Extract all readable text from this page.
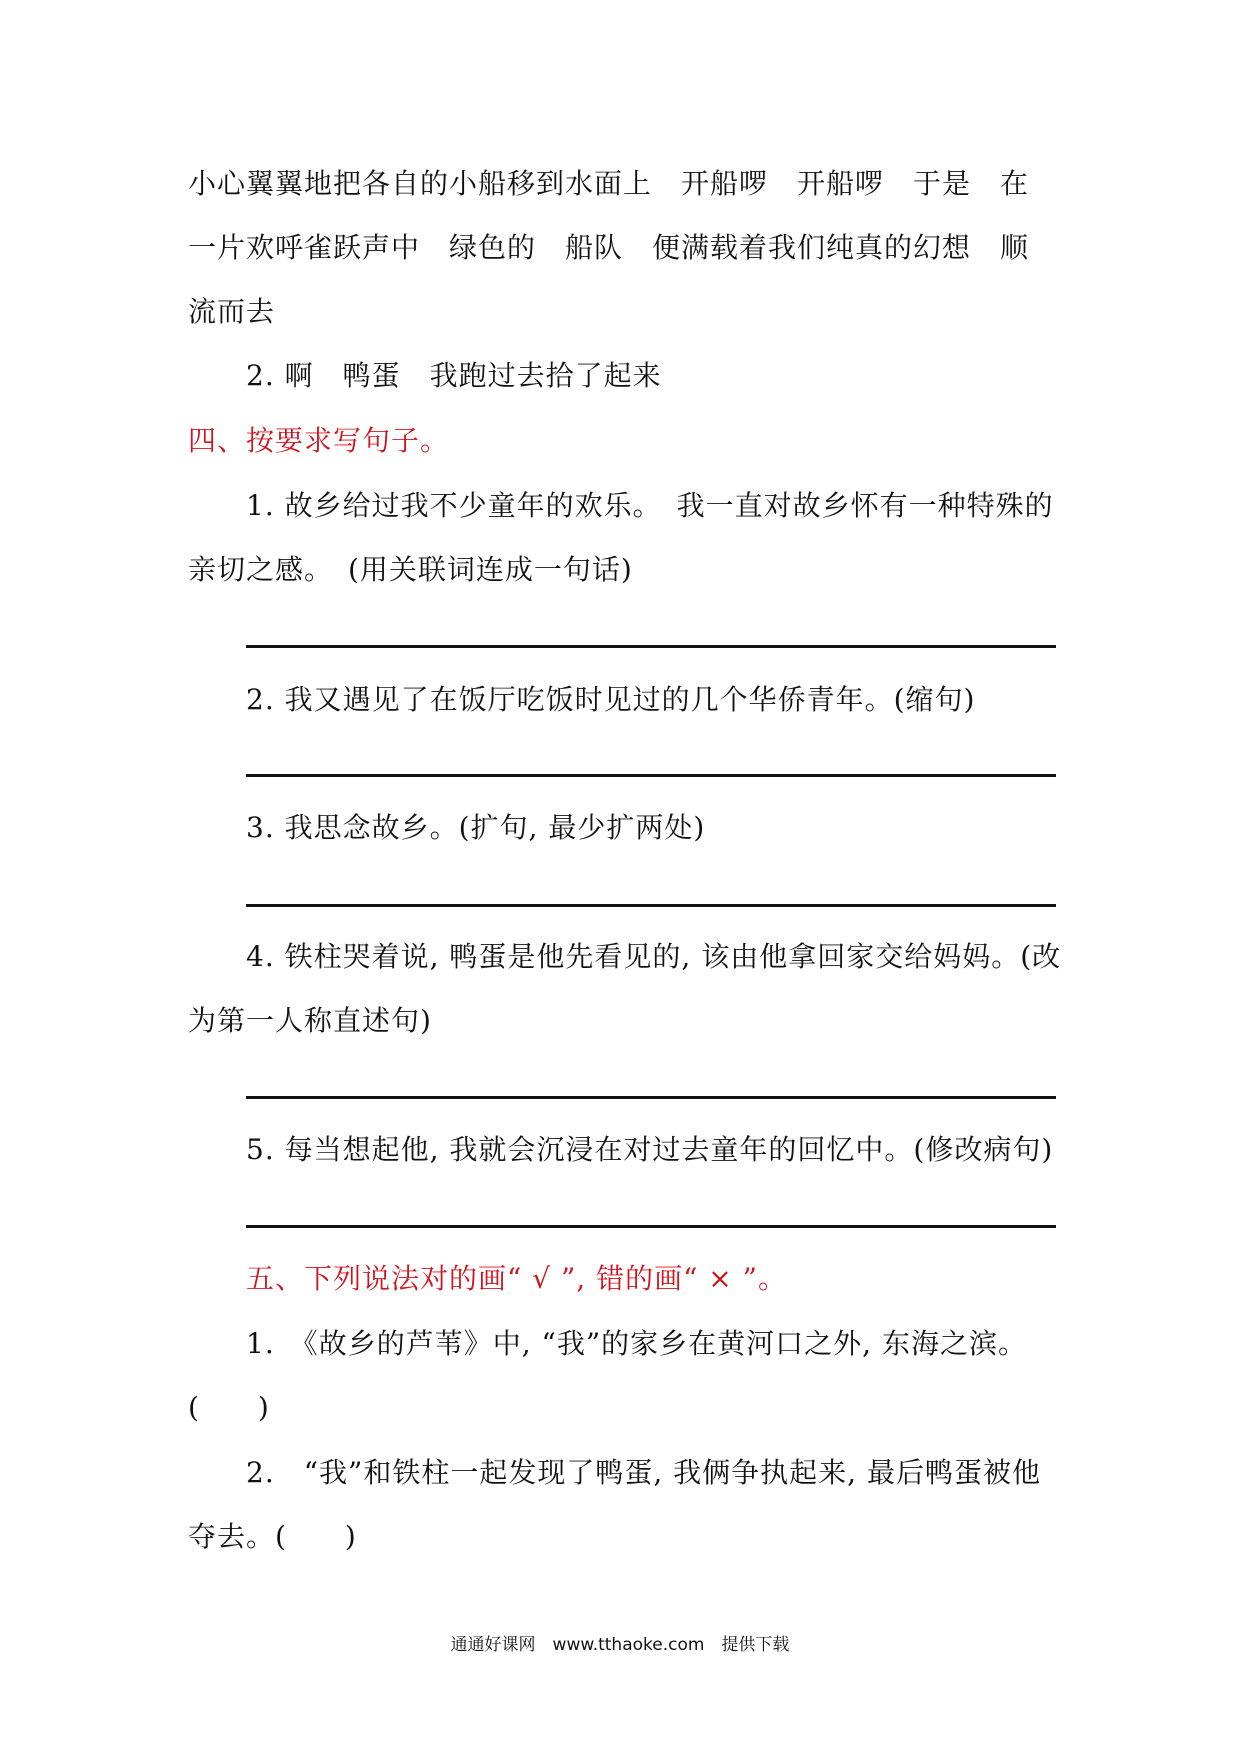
小心翼翼地把各自的小船移到水面上　开船啰　开船啰　于是　在
一片欢呼雀跃声中　绿色的　船队　便满载着我们纯真的幻想　顺
流而去
2. 啊　鸭蛋　我跑过去拾了起来
四、按要求写句子。
1. 故乡给过我不少童年的欢乐。　我一直对故乡怀有一种特殊的
亲切之感。　(用关联词连成一句话)
2. 我又遇见了在饭厅吃饭时见过的几个华侨青年。(缩句)
3. 我思念故乡。(扩句, 最少扩两处)
4. 铁柱哭着说, 鸭蛋是他先看见的, 该由他拿回家交给妈妈。(改
为第一人称直述句)
5. 每当想起他, 我就会沉浸在对过去童年的回忆中。(修改病句)
五、下列说法对的画“ √ ”, 错的画“ × ”。
1.　《故乡的芦苇》中, “我”的家乡在黄河口之外, 东海之滨。
(　　)
2.　“我”和铁柱一起发现了鸭蛋, 我俩争执起来, 最后鸭蛋被他
夺去。(　　)
通通好课网　www.tthaoke.com　提供下载
